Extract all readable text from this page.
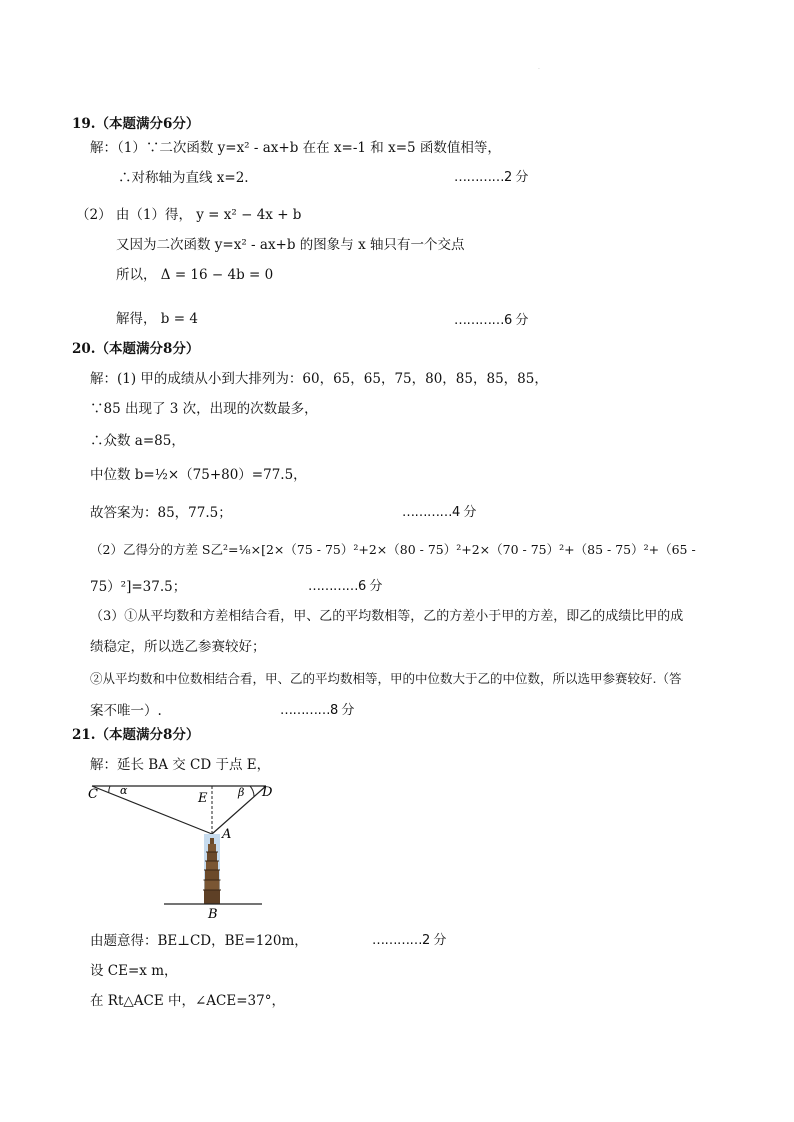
.
19.（本题满分6分）
解：（1）∵二次函数 y=x² - ax+b 在在 x=-1 和 x=5 函数值相等，
∴对称轴为直线 x=2.	…………2 分
（2） 由（1）得， y = x² − 4x + b
又因为二次函数 y=x² - ax+b 的图象与 x 轴只有一个交点
所以， Δ = 16 − 4b = 0
解得， b = 4	…………6 分
20.（本题满分8分）
解：(1) 甲的成绩从小到大排列为：60，65，65，75，80，85，85，85，
∵85 出现了 3 次，出现的次数最多，
∴众数 a=85，
中位数 b=½×（75+80）=77.5，
故答案为：85，77.5；	…………4 分
（2）乙得分的方差 S乙²=⅛×[2×（75 - 75）²+2×（80 - 75）²+2×（70 - 75）²+（85 - 75）²+（65 -
75）²]=37.5；	…………6 分
（3）①从平均数和方差相结合看，甲、乙的平均数相等，乙的方差小于甲的方差，即乙的成绩比甲的成
绩稳定，所以选乙参赛较好；
②从平均数和中位数相结合看，甲、乙的平均数相等，甲的中位数大于乙的中位数，所以选甲参赛较好.（答
案不唯一）.	…………8 分
21.（本题满分8分）
解：延长 BA 交 CD 于点 E，
C α
E	β D
A
B
由题意得：BE⊥CD，BE=120m，	…………2 分
设 CE=x m，
在 Rt△ACE 中，∠ACE=37°，
